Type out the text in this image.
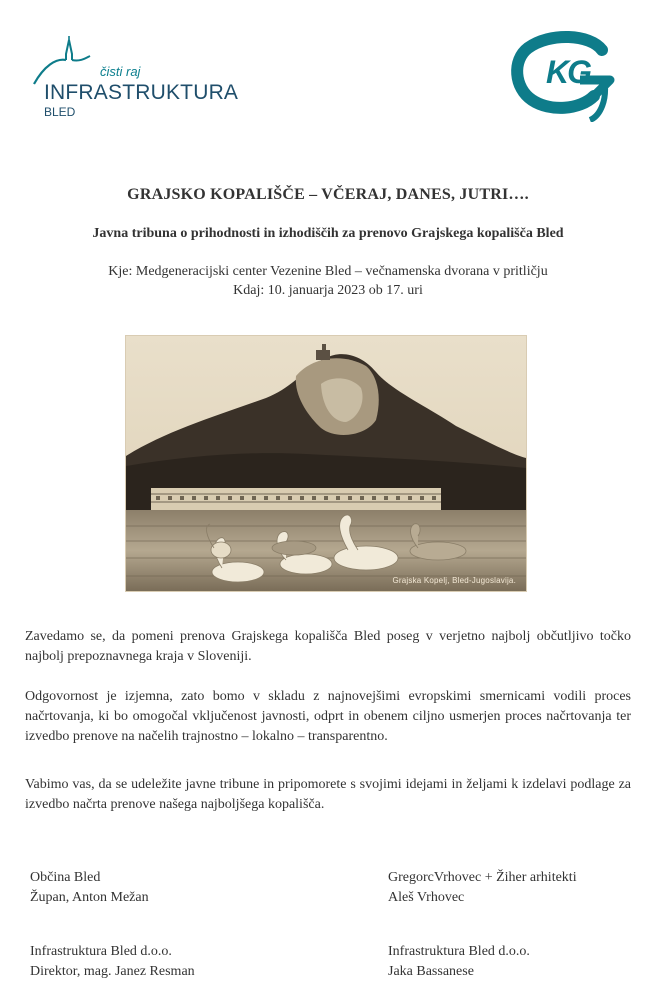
čisti raj
INFRASTRUKTURA
BLED
KG
GRAJSKO KOPALIŠČE – VČERAJ, DANES, JUTRI….
Javna tribuna o prihodnosti in izhodiščih za prenovo Grajskega kopališča Bled
Kje: Medgeneracijski center Vezenine Bled – večnamenska dvorana v pritličju
Kdaj: 10. januarja 2023 ob 17. uri
Grajska Kopelj, Bled-Jugoslavija.

Zavedamo se, da pomeni prenova Grajskega kopališča Bled poseg v verjetno najbolj občutljivo točko najbolj prepoznavnega kraja v Sloveniji.

Odgovornost je izjemna, zato bomo v skladu z najnovejšimi evropskimi smernicami vodili proces načrtovanja, ki bo omogočal vključenost javnosti, odprt in obenem ciljno usmerjen proces načrtovanja ter izvedbo prenove na načelih trajnostno – lokalno – transparentno.

Vabimo vas, da se udeležite javne tribune in pripomorete s svojimi idejami in željami k izdelavi podlage za izvedbo načrta prenove našega najboljšega kopališča.

Občina Bled
Župan, Anton Mežan
GregorcVrhovec + Žiher arhitekti
Aleš Vrhovec
Infrastruktura Bled d.o.o.
Direktor, mag. Janez Resman
Infrastruktura Bled d.o.o.
Jaka Bassanese
